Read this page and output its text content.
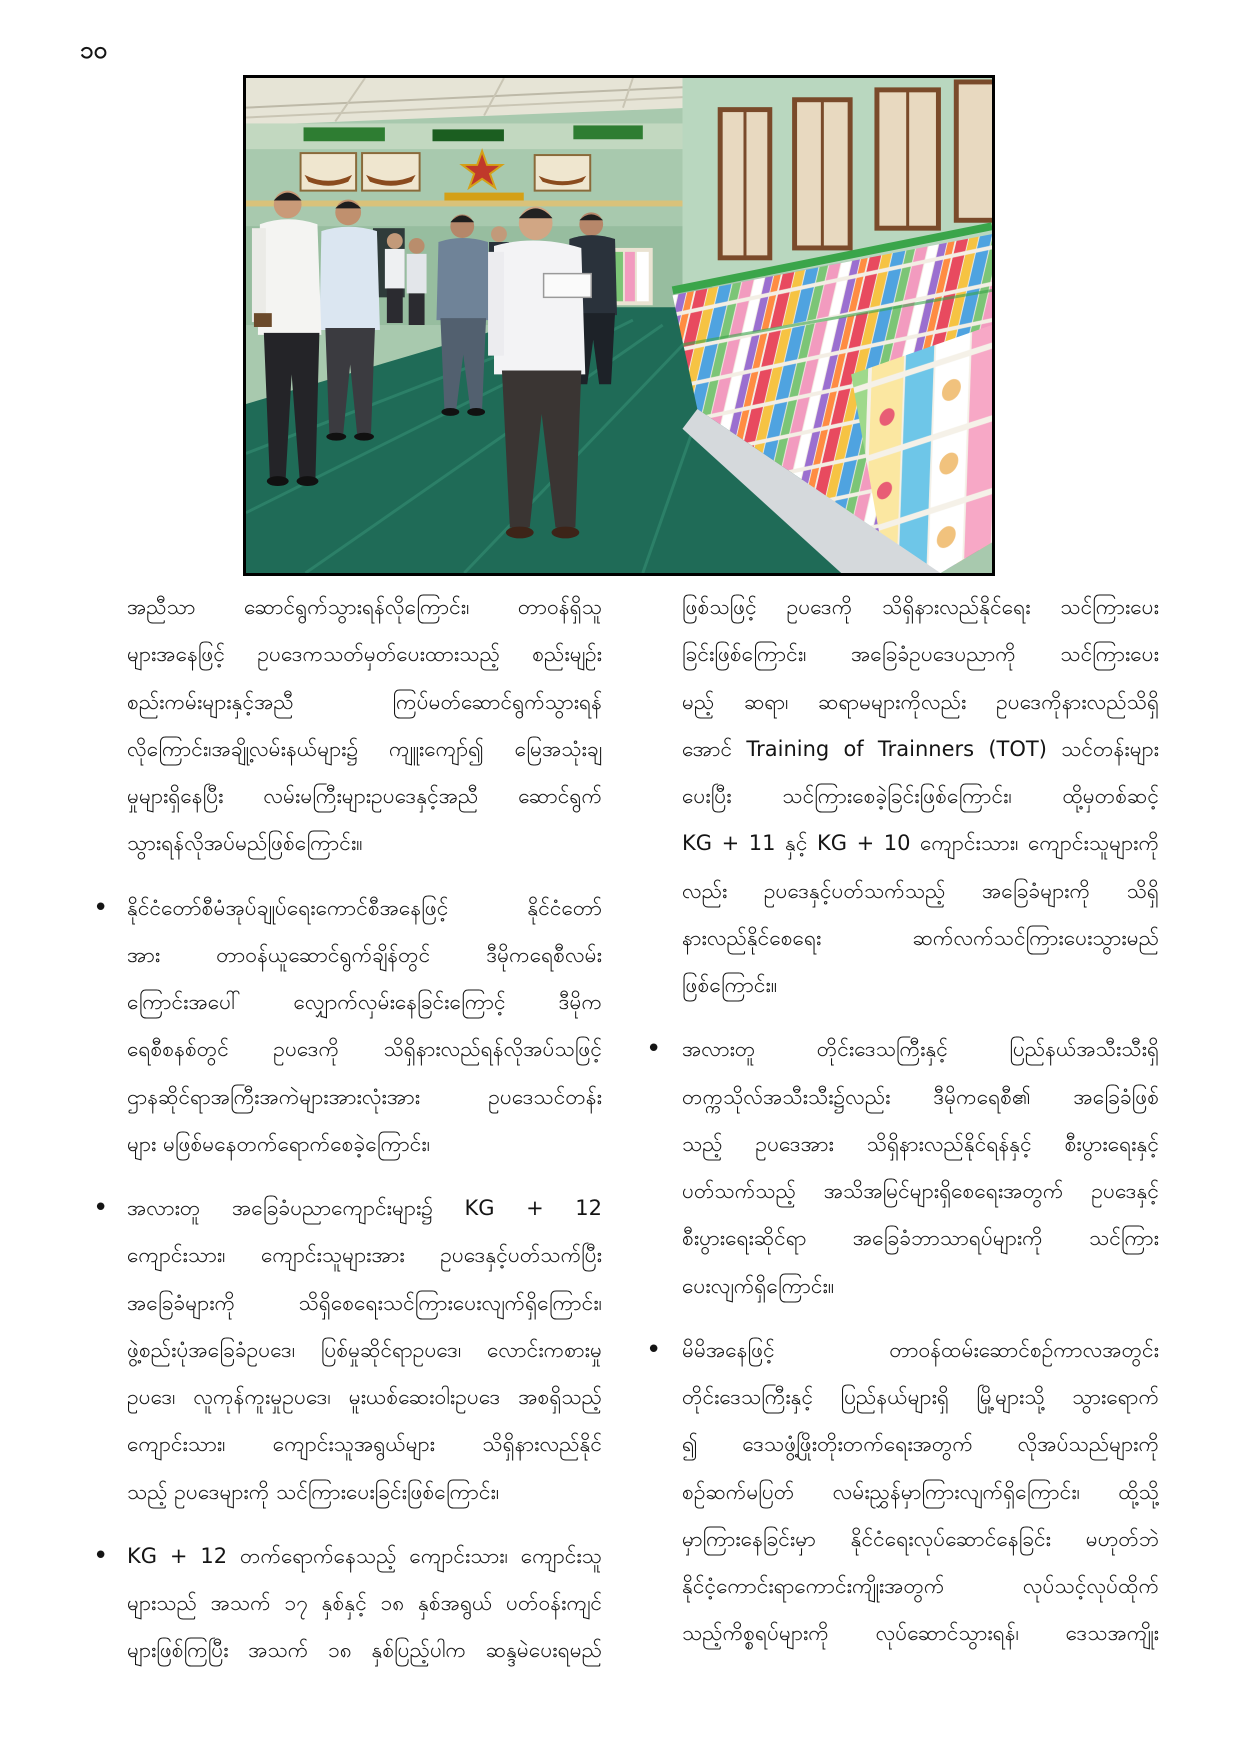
၁၀
အညီသာ ဆောင်ရွက်သွားရန်လိုကြောင်း၊ တာဝန်ရှိသူ
များအနေဖြင့် ဥပဒေကသတ်မှတ်ပေးထားသည့် စည်းမျဉ်း
စည်းကမ်းများနှင့်အညီ ကြပ်မတ်ဆောင်ရွက်သွားရန်
လိုကြောင်း၊အချို့လမ်းနယ်များ၌ ကျူးကျော်၍ မြေအသုံးချ
မှုများရှိနေပြီး လမ်းမကြီးများဥပဒေနှင့်အညီ ဆောင်ရွက်
သွားရန်လိုအပ်မည်ဖြစ်ကြောင်း။
• နိုင်ငံတော်စီမံအုပ်ချုပ်ရေးကောင်စီအနေဖြင့် နိုင်ငံတော်
အား တာဝန်ယူဆောင်ရွက်ချိန်တွင် ဒီမိုကရေစီလမ်း
ကြောင်းအပေါ် လျှောက်လှမ်းနေခြင်းကြောင့် ဒီမိုက
ရေစီစနစ်တွင် ဥပဒေကို သိရှိနားလည်ရန်လိုအပ်သဖြင့်
ဌာနဆိုင်ရာအကြီးအကဲများအားလုံးအား ဥပဒေသင်တန်း
များ မဖြစ်မနေတက်ရောက်စေခဲ့ကြောင်း၊
• အလားတူ အခြေခံပညာကျောင်းများ၌ KG + 12
ကျောင်းသား၊ ကျောင်းသူများအား ဥပဒေနှင့်ပတ်သက်ပြီး
အခြေခံများကို သိရှိစေရေးသင်ကြားပေးလျက်ရှိကြောင်း၊
ဖွဲ့စည်းပုံအခြေခံဥပဒေ၊ ပြစ်မှုဆိုင်ရာဥပဒေ၊ လောင်းကစားမှု
ဥပဒေ၊ လူကုန်ကူးမှုဥပဒေ၊ မူးယစ်ဆေးဝါးဥပဒေ အစရှိသည့်
ကျောင်းသား၊ ကျောင်းသူအရွယ်များ သိရှိနားလည်နိုင်
သည့် ဥပဒေများကို သင်ကြားပေးခြင်းဖြစ်ကြောင်း၊
• KG + 12 တက်ရောက်နေသည့် ကျောင်းသား၊ ကျောင်းသူ
များသည် အသက် ၁၇ နှစ်နှင့် ၁၈ နှစ်အရွယ် ပတ်ဝန်းကျင်
များဖြစ်ကြပြီး အသက် ၁၈ နှစ်ပြည့်ပါက ဆန္ဒမဲပေးရမည်
ဖြစ်သဖြင့် ဥပဒေကို သိရှိနားလည်နိုင်ရေး သင်ကြားပေး
ခြင်းဖြစ်ကြောင်း၊ အခြေခံဥပဒေပညာကို သင်ကြားပေး
မည့် ဆရာ၊ ဆရာမများကိုလည်း ဥပဒေကိုနားလည်သိရှိ
အောင် Training of Trainners (TOT) သင်တန်းများ
ပေးပြီး သင်ကြားစေခဲ့ခြင်းဖြစ်ကြောင်း၊ ထို့မှတစ်ဆင့်
KG + 11 နှင့် KG + 10 ကျောင်းသား၊ ကျောင်းသူများကို
လည်း ဥပဒေနှင့်ပတ်သက်သည့် အခြေခံများကို သိရှိ
နားလည်နိုင်စေရေး ဆက်လက်သင်ကြားပေးသွားမည်
ဖြစ်ကြောင်း။
• အလားတူ တိုင်းဒေသကြီးနှင့် ပြည်နယ်အသီးသီးရှိ
တက္ကသိုလ်အသီးသီး၌လည်း ဒီမိုကရေစီ၏ အခြေခံဖြစ်
သည့် ဥပဒေအား သိရှိနားလည်နိုင်ရန်နှင့် စီးပွားရေးနှင့်
ပတ်သက်သည့် အသိအမြင်များရှိစေရေးအတွက် ဥပဒေနှင့်
စီးပွားရေးဆိုင်ရာ အခြေခံဘာသာရပ်များကို သင်ကြား
ပေးလျက်ရှိကြောင်း။
• မိမိအနေဖြင့် တာဝန်ထမ်းဆောင်စဉ်ကာလအတွင်း
တိုင်းဒေသကြီးနှင့် ပြည်နယ်များရှိ မြို့များသို့ သွားရောက်
၍ ဒေသဖွံ့ဖြိုးတိုးတက်ရေးအတွက် လိုအပ်သည်များကို
စဉ်ဆက်မပြတ် လမ်းညွှန်မှာကြားလျက်ရှိကြောင်း၊ ထို့သို့
မှာကြားနေခြင်းမှာ နိုင်ငံရေးလုပ်ဆောင်နေခြင်း မဟုတ်ဘဲ
နိုင်ငံ့ကောင်းရာကောင်းကျိုးအတွက် လုပ်သင့်လုပ်ထိုက်
သည့်ကိစ္စရပ်များကို လုပ်ဆောင်သွားရန်၊ ဒေသအကျိုး
